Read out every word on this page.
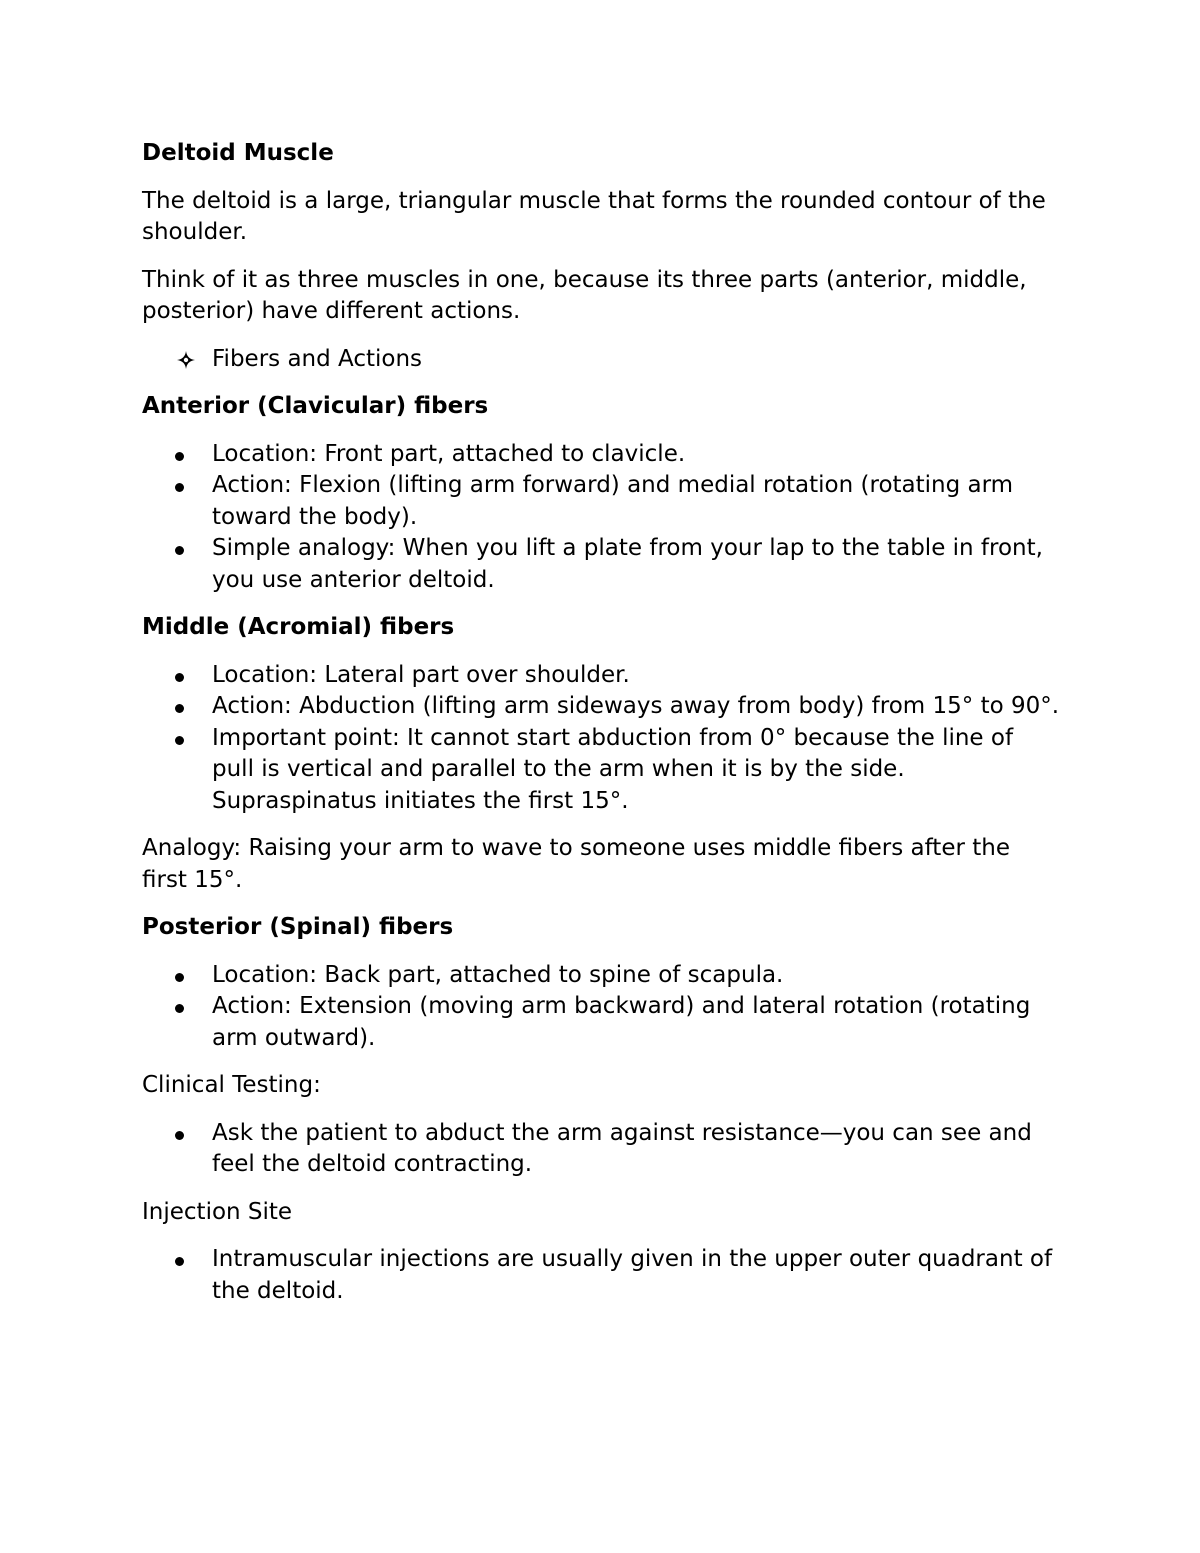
Deltoid Muscle

The deltoid is a large, triangular muscle that forms the rounded contour of the shoulder.

Think of it as three muscles in one, because its three parts (anterior, middle, posterior) have different actions.

Fibers and Actions

Anterior (Clavicular) fibers

Location: Front part, attached to clavicle.
Action: Flexion (lifting arm forward) and medial rotation (rotating arm toward the body).
Simple analogy: When you lift a plate from your lap to the table in front, you use anterior deltoid.

Middle (Acromial) fibers

Location: Lateral part over shoulder.
Action: Abduction (lifting arm sideways away from body) from 15° to 90°.
Important point: It cannot start abduction from 0° because the line of pull is vertical and parallel to the arm when it is by the side. Supraspinatus initiates the first 15°.

Analogy: Raising your arm to wave to someone uses middle fibers after the first 15°.

Posterior (Spinal) fibers

Location: Back part, attached to spine of scapula.
Action: Extension (moving arm backward) and lateral rotation (rotating arm outward).

Clinical Testing:

Ask the patient to abduct the arm against resistance—you can see and feel the deltoid contracting.

Injection Site

Intramuscular injections are usually given in the upper outer quadrant of the deltoid.
